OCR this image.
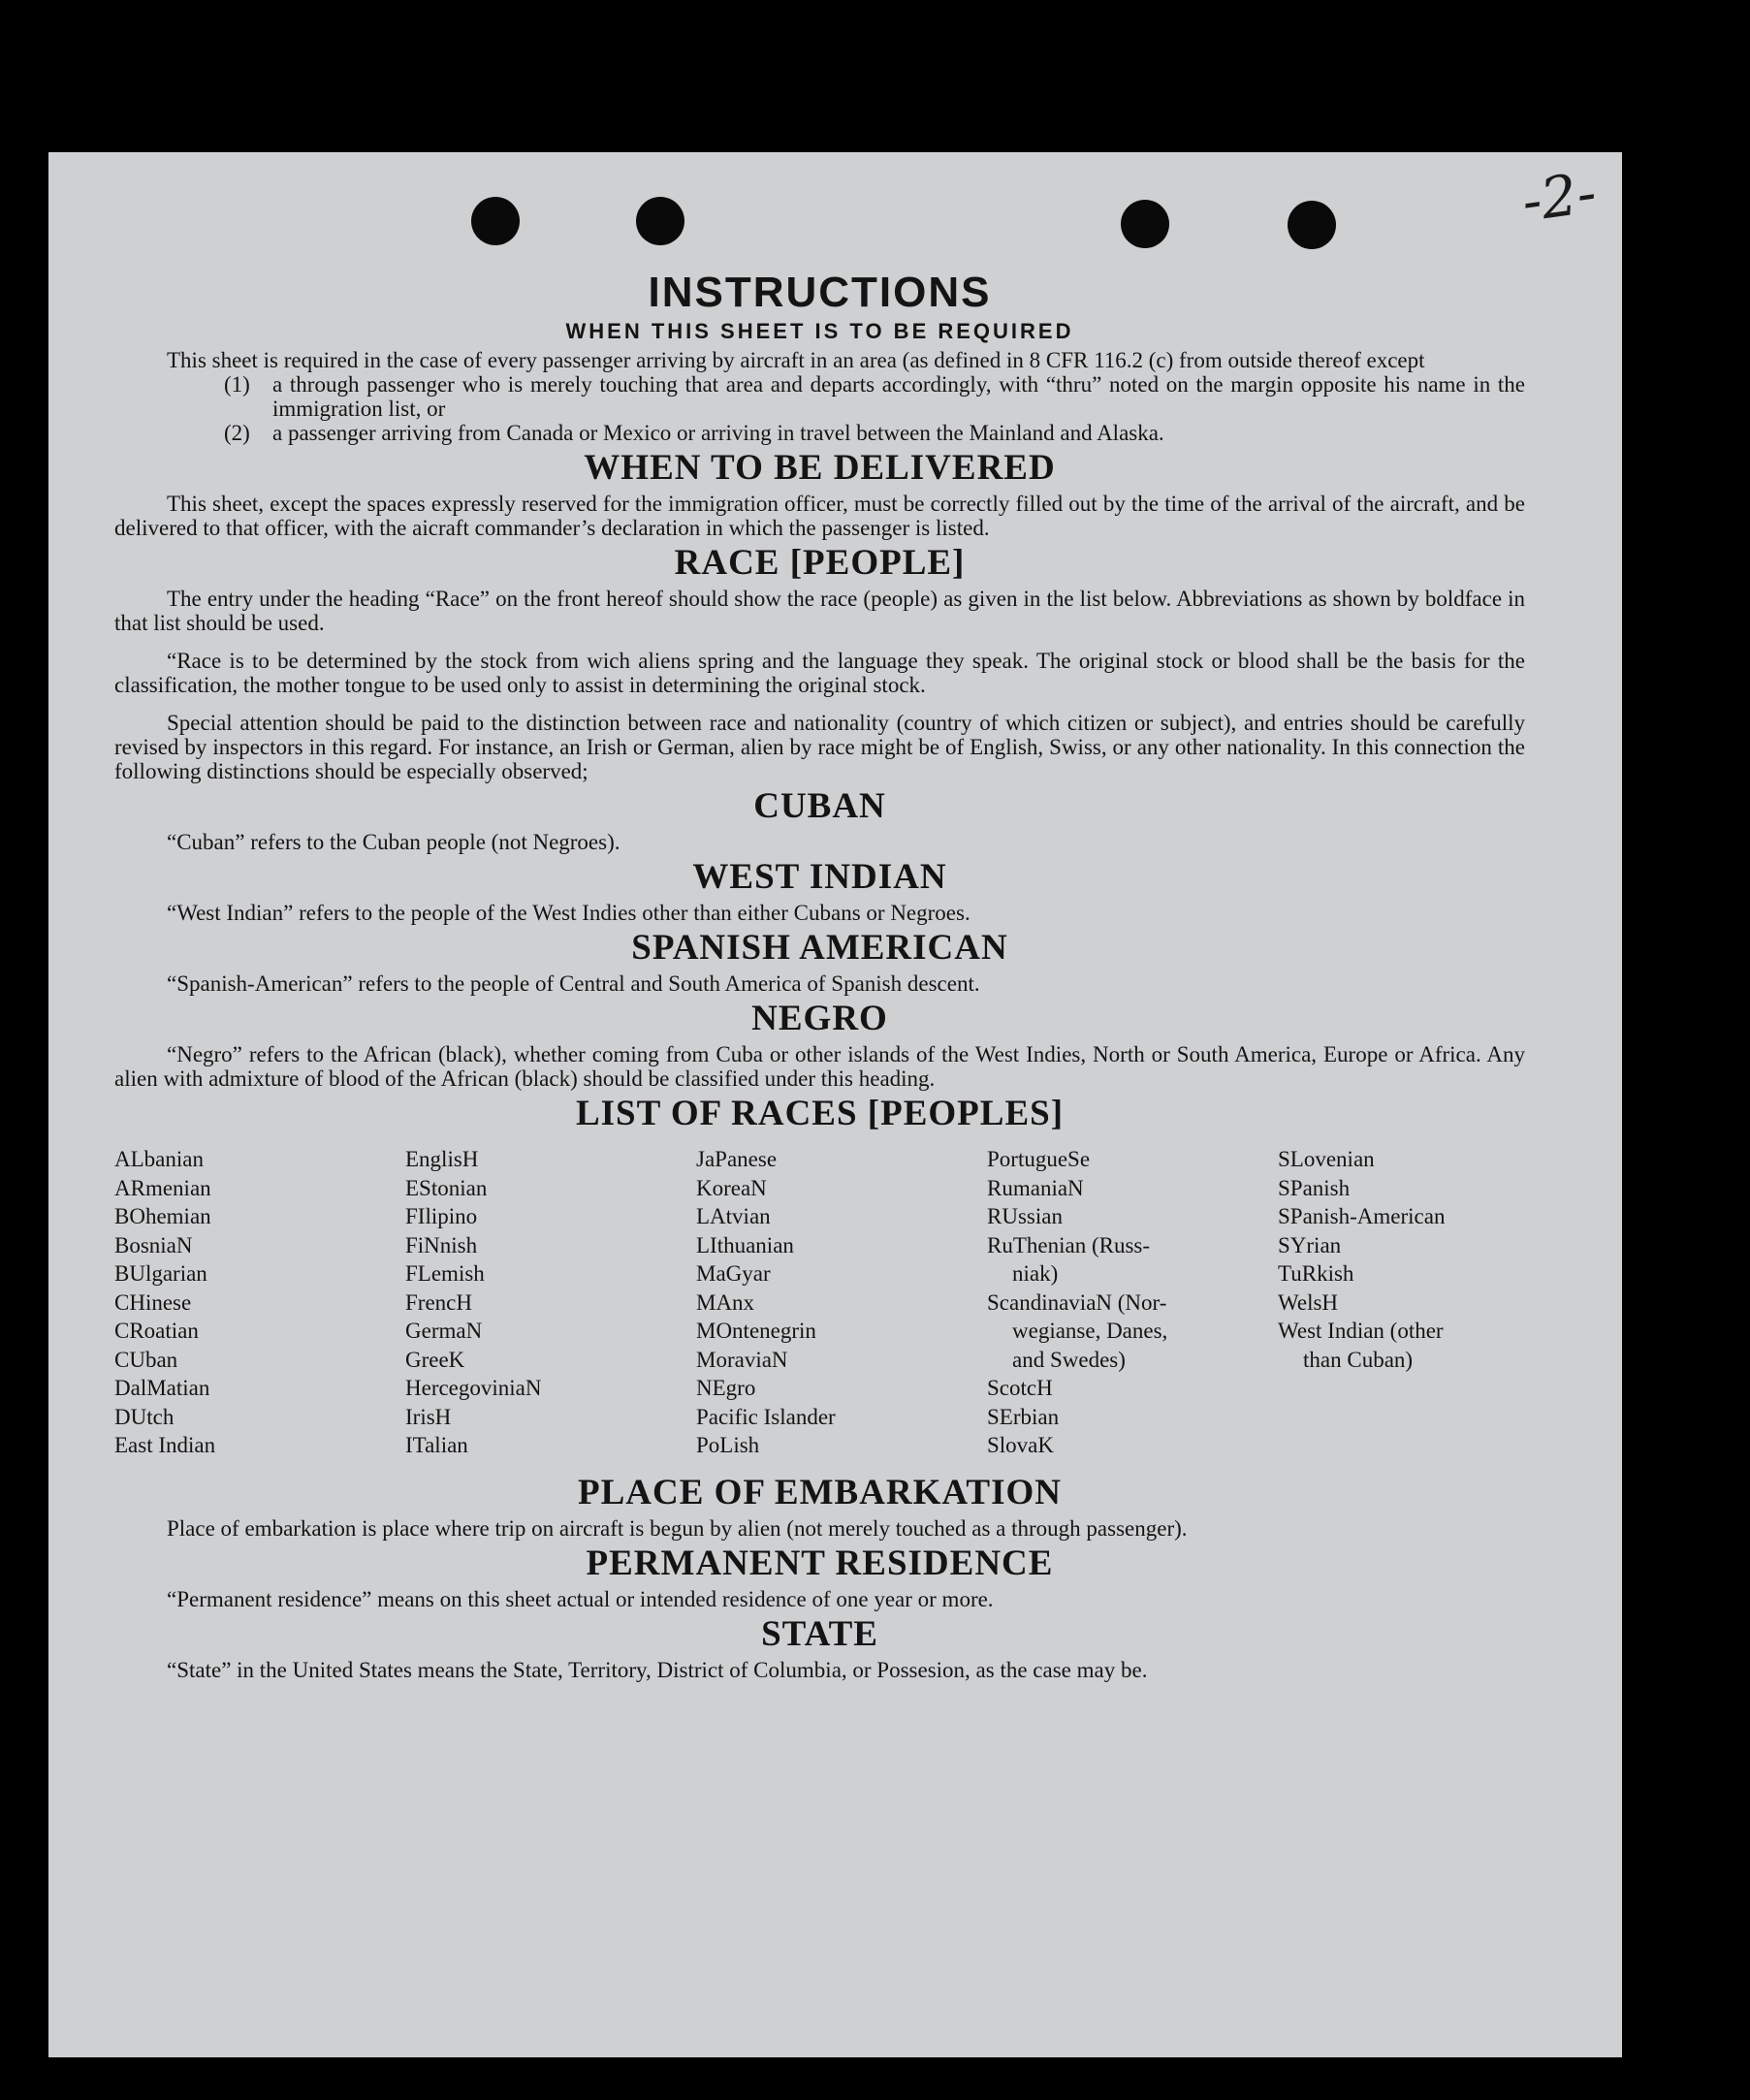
-2-
INSTRUCTIONS
WHEN THIS SHEET IS TO BE REQUIRED

This sheet is required in the case of every passenger arriving by aircraft in an area (as defined in 8 CFR 116.2 (c) from outside thereof except

(1)	a through passenger who is merely touching that area and departs accordingly, with “thru” noted on the margin opposite his name in the immigration list, or
(2)	a passenger arriving from Canada or Mexico or arriving in travel between the Mainland and Alaska.
WHEN TO BE DELIVERED

This sheet, except the spaces expressly reserved for the immigration officer, must be correctly filled out by the time of the arrival of the aircraft, and be delivered to that officer, with the aicraft commander’s declaration in which the passenger is listed.

RACE [PEOPLE]

The entry under the heading “Race” on the front hereof should show the race (people) as given in the list below. Abbreviations as shown by boldface in that list should be used.

“Race is to be determined by the stock from wich aliens spring and the language they speak. The original stock or blood shall be the basis for the classification, the mother tongue to be used only to assist in determining the original stock.

Special attention should be paid to the distinction between race and nationality (country of which citizen or subject), and entries should be carefully revised by inspectors in this regard. For instance, an Irish or German, alien by race might be of English, Swiss, or any other nationality. In this connection the following distinctions should be especially observed;

CUBAN

“Cuban” refers to the Cuban people (not Negroes).

WEST INDIAN

“West Indian” refers to the people of the West Indies other than either Cubans or Negroes.

SPANISH AMERICAN

“Spanish-American” refers to the people of Central and South America of Spanish descent.

NEGRO

“Negro” refers to the African (black), whether coming from Cuba or other islands of the West Indies, North or South America, Europe or Africa. Any alien with admixture of blood of the African (black) should be classified under this heading.

LIST OF RACES [PEOPLES]
ALbanian
ARmenian
BOhemian
BosniaN
BUlgarian
CHinese
CRoatian
CUban
DalMatian
DUtch
East Indian
EnglisH
EStonian
FIlipino
FiNnish
FLemish
FrencH
GermaN
GreeK
HercegoviniaN
IrisH
ITalian
JaPanese
KoreaN
LAtvian
LIthuanian
MaGyar
MAnx
MOntenegrin
MoraviaN
NEgro
Pacific Islander
PoLish
PortugueSe
RumaniaN
RUssian
RuThenian (Russ-
niak)
ScandinaviaN (Nor-
wegianse, Danes,
and Swedes)
ScotcH
SErbian
SlovaK
SLovenian
SPanish
SPanish-American
SYrian
TuRkish
WelsH
West Indian (other
than Cuban)
PLACE OF EMBARKATION

Place of embarkation is place where trip on aircraft is begun by alien (not merely touched as a through passenger).

PERMANENT RESIDENCE

“Permanent residence” means on this sheet actual or intended residence of one year or more.

STATE

“State” in the United States means the State, Territory, District of Columbia, or Possesion, as the case may be.
